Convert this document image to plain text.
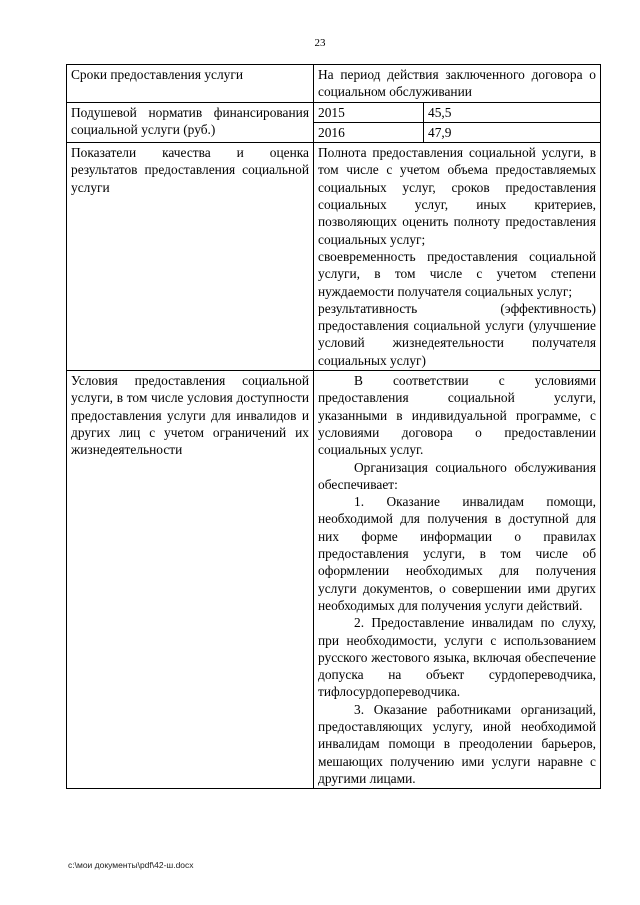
23
Сроки предоставления услуги	На период действия заключенного договора о социальном обслуживании	
Подушевой норматив финансирования социальной услуги (руб.)	2015	45,5
	2016	47,9
Показатели качества и оценка результатов предоставления социальной услуги	Полнота предоставления социальной услуги, в том числе с учетом объема предоставляемых социальных услуг, сроков предоставления социальных услуг, иных критериев, позволяющих оценить полноту предоставления социальных услуг;

своевременность предоставления социальной услуги, в том числе с учетом степени нуждаемости получателя социальных услуг;

результативность (эффективность) предоставления социальной услуги (улучшение условий жизнедеятельности получателя социальных услуг)	

Условия предоставления социальной услуги, в том числе условия доступности предоставления услуги для инвалидов и других лиц с учетом ограничений их жизнедеятельности	В соответствии с условиями предоставления социальной услуги, указанными в индивидуальной программе, с условиями договора о предоставлении социальных услуг.

Организация социального обслуживания обеспечивает:

1. Оказание инвалидам помощи, необходимой для получения в доступной для них форме информации о правилах предоставления услуги, в том числе об оформлении необходимых для получения услуги документов, о совершении ими других необходимых для получения услуги действий.

2. Предоставление инвалидам по слуху, при необходимости, услуги с использованием русского жестового языка, включая обеспечение допуска на объект сурдопереводчика, тифлосурдопереводчика.

3. Оказание работниками организаций, предоставляющих услугу, иной необходимой инвалидам помощи в преодолении барьеров, мешающих получению ими услуги наравне с другими лицами.	

c:\мои документы\pdf\42-ш.docx
